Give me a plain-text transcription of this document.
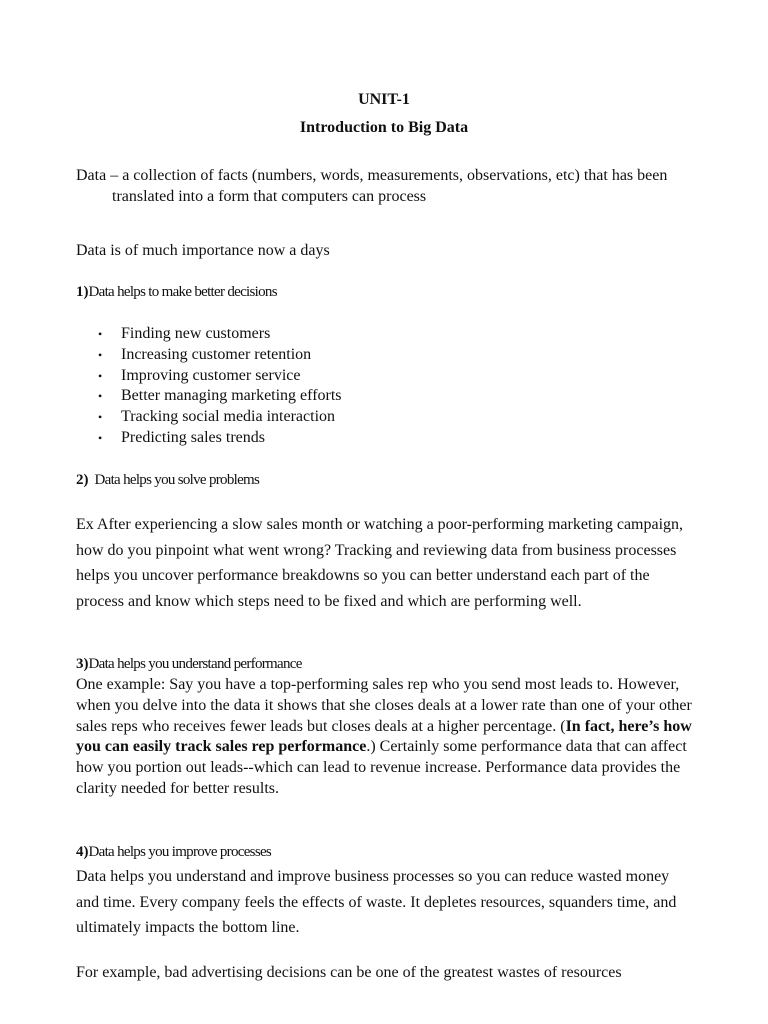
UNIT-1
Introduction to Big Data
Data – a collection of facts (numbers, words, measurements, observations, etc) that has been translated into a form that computers can process
Data is of much importance now a days
1)Data helps to make better decisions
• Finding new customers
• Increasing customer retention
• Improving customer service
• Better managing marketing efforts
• Tracking social media interaction
• Predicting sales trends
2) Data helps you solve problems
Ex After experiencing a slow sales month or watching a poor-performing marketing campaign, how do you pinpoint what went wrong? Tracking and reviewing data from business processes helps you uncover performance breakdowns so you can better understand each part of the process and know which steps need to be fixed and which are performing well.
3)Data helps you understand performance
One example: Say you have a top-performing sales rep who you send most leads to. However, when you delve into the data it shows that she closes deals at a lower rate than one of your other sales reps who receives fewer leads but closes deals at a higher percentage. (In fact, here’s how you can easily track sales rep performance.) Certainly some performance data that can affect how you portion out leads--which can lead to revenue increase. Performance data provides the clarity needed for better results.
4)Data helps you improve processes
Data helps you understand and improve business processes so you can reduce wasted money and time. Every company feels the effects of waste. It depletes resources, squanders time, and ultimately impacts the bottom line.
For example, bad advertising decisions can be one of the greatest wastes of resources
